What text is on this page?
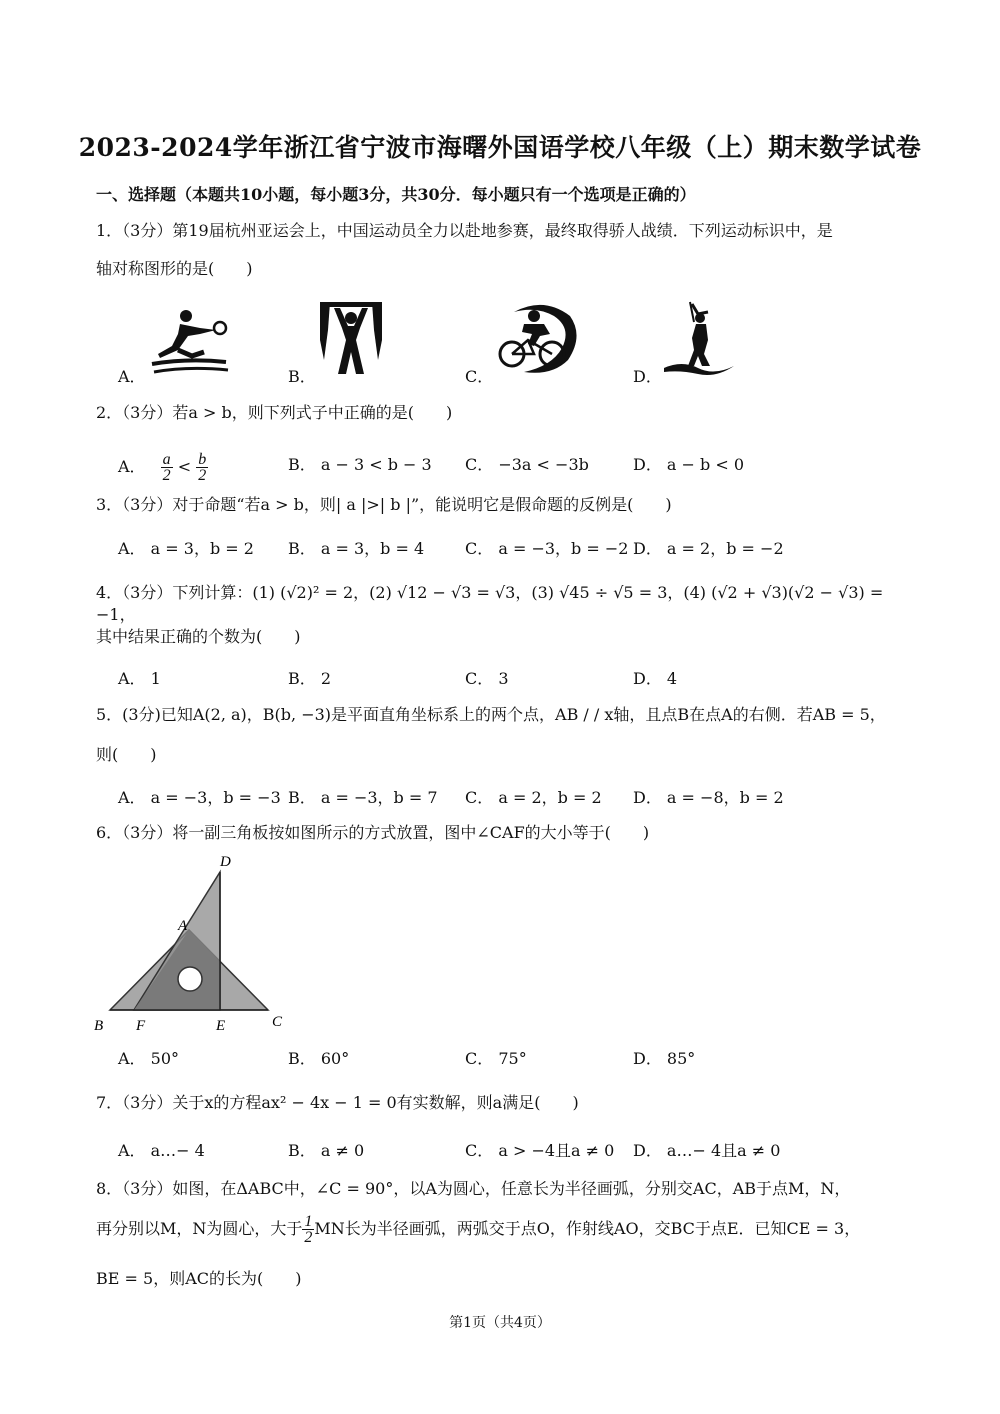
2023-2024学年浙江省宁波市海曙外国语学校八年级（上）期末数学试卷
一、选择题（本题共10小题，每小题3分，共30分．每小题只有一个选项是正确的）
1．（3分）第19届杭州亚运会上，中国运动员全力以赴地参赛，最终取得骄人战绩．下列运动标识中，是
轴对称图形的是(　　)
A．	B．	C．	D．
2．（3分）若a > b，则下列式子中正确的是(　　)
A． $\frac{a}{2} < \frac{b}{2}$	B． a − 3 < b − 3 C． −3a < −3b	D． a − b < 0
3．（3分）对于命题“若a > b，则| a |>| b |”，能说明它是假命题的反例是(　　)
A． a = 3，b = 2 B． a = 3，b = 4	C． a = −3，b = −2 D． a = 2，b = −2
4．（3分）下列计算：(1) (√2)² = 2，(2) √12 − √3 = √3，(3) √45 ÷ √5 = 3，(4) (√2 + √3)(√2 − √3) = −1，
其中结果正确的个数为(　　)
A． 1	B． 2	C． 3	D． 4
5．(3分)已知A(2, a)，B(b, −3)是平面直角坐标系上的两个点，AB / / x轴，且点B在点A的右侧．若AB = 5，
则(　　)
A． a = −3，b = −3 B． a = −3，b = 7 C． a = 2，b = 2 D． a = −8，b = 2
6．（3分）将一副三角板按如图所示的方式放置，图中∠CAF的大小等于(　　)
D
A
B F	E	C
A． 50°	B． 60°	C． 75°	D． 85°
7．（3分）关于x的方程ax² − 4x − 1 = 0有实数解，则a满足(　　)
A． a…− 4	B． a ≠ 0	C． a > −4且a ≠ 0 D． a…− 4且a ≠ 0
8．（3分）如图，在ΔABC中，∠C = 90°，以A为圆心，任意长为半径画弧，分别交AC，AB于点M，N，
再分别以M，N为圆心，大于 $\frac{1}{2}$ MN长为半径画弧，两弧交于点O，作射线AO，交BC于点E．已知CE = 3，
BE = 5，则AC的长为(　　)
第1页（共4页）
